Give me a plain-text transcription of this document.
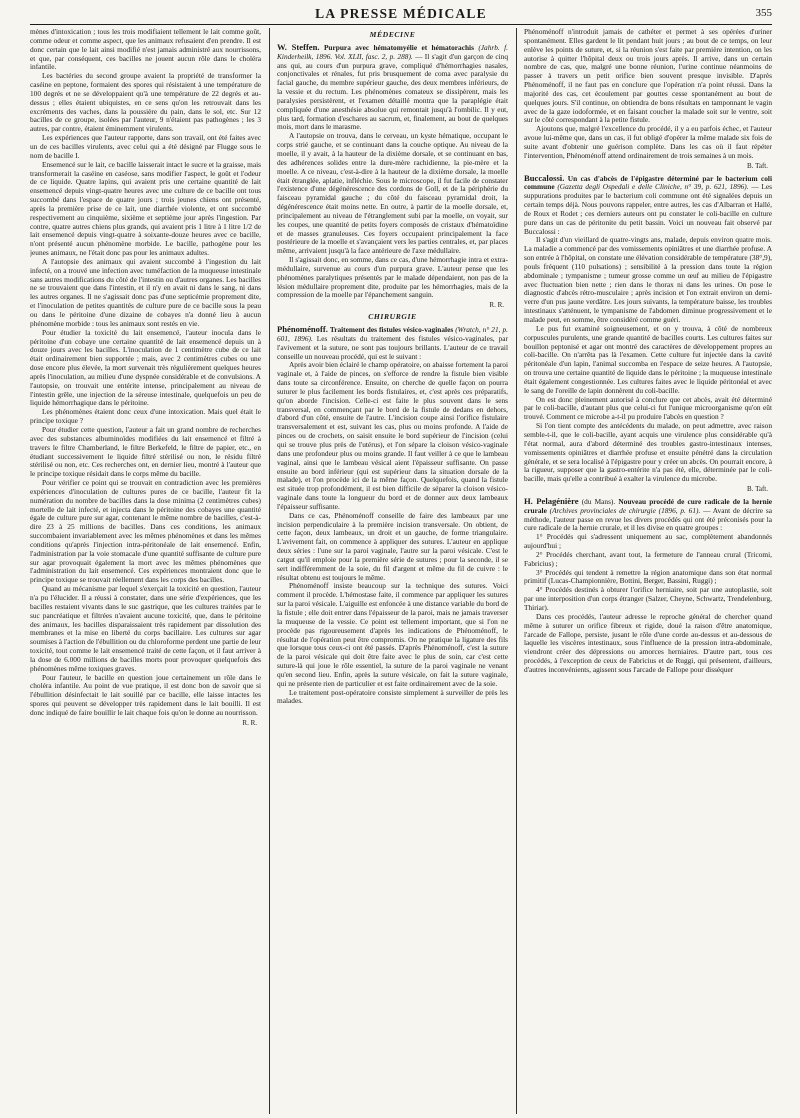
LA PRESSE MÉDICALE	355

mènes d'intoxication ; tous les trois modifiaient tellement le lait comme goût, comme odeur et comme aspect, que les animaux refusaient d'en prendre. Il est donc certain que le lait ainsi modifié n'est jamais administré aux nourrissons, et que, par conséquent, ces bacilles ne jouent aucun rôle dans le choléra infantile.

Les bactéries du second groupe avaient la propriété de transformer la caséine en peptone, formaient des spores qui résistaient à une température de 100 degrés et ne se développaient qu'à une température de 22 degrés et au-dessus ; elles étaient ubiquistes, en ce sens qu'on les retrouvait dans les excréments des vaches, dans la poussière du pain, dans le sol, etc. Sur 12 bacilles de ce groupe, isolées par l'auteur, 9 n'étaient pas pathogènes ; les 3 autres, par contre, étaient éminemment virulents.

Les expériences que l'auteur rapporte, dans son travail, ont été faites avec un de ces bacilles virulents, avec celui qui a été désigné par Flugge sous le nom de bacille I.

Ensemencé sur le lait, ce bacille laisserait intact le sucre et la graisse, mais transformerait la caséine en caséose, sans modifier l'aspect, le goût et l'odeur de ce liquide. Quatre lapins, qui avaient pris une certaine quantité de lait ensemencé depuis vingt-quatre heures avec une culture de ce bacille ont tous succombé dans l'espace de quatre jours ; trois jeunes chiens ont présenté, après la première prise de ce lait, une diarrhée violente, et ont succombé respectivement au cinquième, sixième et septième jour après l'ingestion. Par contre, quatre autres chiens plus grands, qui avaient pris 1 litre à 1 litre 1/2 de lait ensemencé depuis vingt-quatre à soixante-douze heures avec ce bacille, n'ont présenté aucun phénomène morbide. Le bacille, pathogène pour les jeunes animaux, ne l'était donc pas pour les animaux adultes.

A l'autopsie des animaux qui avaient succombé à l'ingestion du lait infecté, on a trouvé une infection avec tuméfaction de la muqueuse intestinale sans autres modifications du côté de l'intestin ou d'autres organes. Les bacilles ne se trouvaient que dans l'intestin, et il n'y en avait ni dans le sang, ni dans les autres organes. Il ne s'agissait donc pas d'une septicémie proprement dite, et l'inoculation de petites quantités de culture pure de ce bacille sous la peau ou dans le péritoine d'une dizaine de cobayes n'a donné lieu à aucun phénomène morbide : tous les animaux sont restés en vie.

Pour étudier la toxicité du lait ensemencé, l'auteur inocula dans le péritoine d'un cobaye une certaine quantité de lait ensemencé depuis un à douze jours avec les bacilles. L'inoculation de 1 centimètre cube de ce lait était ordinairement bien supportée ; mais, avec 2 centimètres cubes ou une dose encore plus élevée, la mort survenait très régulièrement quelques heures après l'inoculation, au milieu d'une dyspnée considérable et de convulsions. A l'autopsie, on trouvait une entérite intense, principalement au niveau de l'intestin grêle, une injection de la séreuse intestinale, quelquefois un peu de liquide hémorrhagique dans le péritoine.

Les phénomènes étaient donc ceux d'une intoxication. Mais quel était le principe toxique ?

Pour étudier cette question, l'auteur a fait un grand nombre de recherches avec des substances albuminoïdes modifiées du lait ensemencé et filtré à travers le filtre Chamberland, le filtre Berkefeld, le filtre de papier, etc., en étudiant successivement le liquide filtré stérilisé ou non, le résidu filtré stérilisé ou non, etc. Ces recherches ont, en dernier lieu, montré à l'auteur que le principe toxique résidait dans le corps même du bacille.

Pour vérifier ce point qui se trouvait en contradiction avec les premières expériences d'inoculation de cultures pures de ce bacille, l'auteur fit la numération du nombre de bacilles dans la dose minima (2 centimètres cubes) mortelle de lait infecté, et injecta dans le péritoine des cobayes une quantité égale de culture pure sur agar, contenant le même nombre de bacilles, c'est-à-dire 23 à 25 millions de bacilles. Dans ces conditions, les animaux succombaient invariablement avec les mêmes phénomènes et dans les mêmes conditions qu'après l'injection intra-péritonéale de lait ensemencé. Enfin, l'administration par la voie stomacale d'une quantité suffisante de culture pure sur agar provoquait également la mort avec les mêmes phénomènes que l'administration du lait ensemencé. Ces expériences montraient donc que le principe toxique se trouvait réellement dans les corps des bacilles.

Quand au mécanisme par lequel s'exerçait la toxicité en question, l'auteur n'a pu l'élucider. Il a réussi à constater, dans une série d'expériences, que les bacilles restaient vivants dans le suc gastrique, que les cultures traitées par le suc pancréatique et filtrées n'avaient aucune toxicité, que, dans le péritoine des animaux, les bacilles disparaissaient très rapidement par dissolution des membranes et la mise en liberté du corps bacillaire. Les cultures sur agar soumises à l'action de l'ébullition ou du chloroforme perdent une partie de leur toxicité, tout comme le lait ensemencé traité de cette façon, et il faut arriver à la dose de 6.000 millions de bacilles morts pour provoquer quelquefois des phénomènes même toxiques graves.

Pour l'auteur, le bacille en question joue certainement un rôle dans le choléra infantile. Au point de vue pratique, il est donc bon de savoir que si l'ébullition désinfectait le lait souillé par ce bacille, elle laisse intactes les spores qui peuvent se développer très rapidement dans le lait bouilli. Il est donc indiqué de faire bouillir le lait chaque fois qu'on le donne au nourrisson.

R. R.

MÉDECINE

W. Steffen. Purpura avec hématomyélie et hématorachis (Jahrb. f. Kinderheilk, 1896. Vol. XLII, fasc. 2, p. 288). — Il s'agit d'un garçon de cinq ans qui, au cours d'un purpura grave, compliqué d'hémorrhagies nasales, conjonctivales et rénales, fut pris brusquement de coma avec paralysie du facial gauche, du membre supérieur gauche, des deux membres inférieurs, de la vessie et du rectum. Les phénomènes comateux se dissipèrent, mais les paralysies persistèrent, et l'examen détaillé montra que la paraplégie était compliquée d'une anesthésie absolue qui remontait jusqu'à l'ombilic. Il y eut, plus tard, formation d'eschares au sacrum, et, finalement, au bout de quelques mois, mort dans le marasme.

A l'autopsie on trouva, dans le cerveau, un kyste hématique, occupant le corps strié gauche, et se continuant dans la couche optique. Au niveau de la moelle, il y avait, à la hauteur de la dixième dorsale, et se continuant en bas, des adhérences solides entre la dure-mère rachidienne, la pie-mère et la moelle. A ce niveau, c'est-à-dire à la hauteur de la dixième dorsale, la moelle était étranglée, aplatie, infléchie. Sous le microscope, il fut facile de constater l'existence d'une dégénérescence des cordons de Goll, et de la périphérie du faisceau pyramidal gauche ; du côté du faisceau pyramidal droit, la dégénérescence était moins nette. En outre, à partir de la moelle dorsale, et, principalement au niveau de l'étranglement subi par la moelle, on voyait, sur les coupes, une quantité de petits foyers composés de cristaux d'hématoïdine et de masses granuleuses. Ces foyers occupaient principalement la face postérieure de la moelle et s'avançaient vers les parties centrales, et, par places même, arrivaient jusqu'à la face antérieure de l'axe médullaire.

Il s'agissait donc, en somme, dans ce cas, d'une hémorrhagie intra et extra-médullaire, survenue au cours d'un purpura grave. L'auteur pense que les phénomènes paralytiques présentés par le malade dépendaient, non pas de la lésion médullaire proprement dite, produite par les hémorrhagies, mais de la compression de la moelle par l'épanchement sanguin.

R. R.

CHIRURGIE

Phénoménoff. Traitement des fistules vésico-vaginales (Wratch, n° 21, p. 601, 1896). Les résultats du traitement des fistules vésico-vaginales, par l'avivement et la suture, ne sont pas toujours brillants. L'auteur de ce travail conseille un nouveau procédé, qui est le suivant :

Après avoir bien éclairé le champ opératoire, on abaisse fortement la paroi vaginale et, à l'aide de pinces, on s'efforce de rendre la fistule bien visible dans toute sa circonférence. Ensuite, on cherche de quelle façon on pourra suturer le plus facilement les bords fistulaires, et, c'est après ces préparatifs, qu'on aborde l'incision. Celle-ci est faite le plus souvent dans le sens transversal, en commençant par le bord de la fistule de dedans en dehors, d'abord d'un côté, ensuite de l'autre. L'incision coupe ainsi l'orifice fistulaire transversalement et est, suivant les cas, plus ou moins profonde. A l'aide de pinces ou de crochets, on saisit ensuite le bord supérieur de l'incision (celui qui se trouve plus près de l'utérus), et l'on sépare la cloison vésico-vaginale dans une profondeur plus ou moins grande. Il faut veiller à ce que le lambeau vaginal, ainsi que le lambeau vésical aient l'épaisseur suffisante. On passe ensuite au bord inférieur (qui est supérieur dans la situation dorsale de la malade), et l'on procède ici de la même façon. Quelquefois, quand la fistule est située trop profondément, il est bien difficile de séparer la cloison vésico-vaginale dans toute la longueur du bord et de donner aux deux lambeaux l'épaisseur suffisante.

Dans ce cas, Phénoménoff conseille de faire des lambeaux par une incision perpendiculaire à la première incision transversale. On obtient, de cette façon, deux lambeaux, un droit et un gauche, de forme triangulaire. L'avivement fait, on commence à appliquer des sutures. L'auteur en applique deux séries : l'une sur la paroi vaginale, l'autre sur la paroi vésicale. C'est le catgut qu'il emploie pour la première série de sutures ; pour la seconde, il se sert indifféremment de la soie, du fil d'argent et même du fil de cuivre : le résultat obtenu est toujours le même.

Phénoménoff insiste beaucoup sur la technique des sutures. Voici comment il procède. L'hémostase faite, il commence par appliquer les sutures sur la paroi vésicale. L'aiguille est enfoncée à une distance variable du bord de la fistule ; elle doit entrer dans l'épaisseur de la paroi, mais ne jamais traverser la muqueuse de la vessie. Ce point est tellement important, que si l'on ne procède pas rigoureusement d'après les indications de Phénoménoff, le résultat de l'opération peut être compromis. On ne pratique la ligature des fils que lorsque tous ceux-ci ont été passés. D'après Phénoménoff, c'est la suture de la paroi vésicale qui doit être faite avec le plus de soin, car c'est cette suture-là qui joue le rôle essentiel, la suture de la paroi vaginale ne venant qu'en second lieu. Enfin, après la suture vésicale, on fait la suture vaginale, qui ne présente rien de particulier et est faite ordinairement avec de la soie.

Le traitement post-opératoire consiste simplement à surveiller de près les malades.

Phénoménoff n'introduit jamais de cathéter et permet à ses opérées d'uriner spontanément. Elles gardent le lit pendant huit jours ; au bout de ce temps, on leur enlève les points de suture, et, si la réunion s'est faite par première intention, on les autorise à quitter l'hôpital deux ou trois jours après. Il arrive, dans un certain nombre de cas, que, malgré une bonne réunion, l'urine continue néanmoins de passer à travers un petit orifice bien souvent presque invisible. D'après Phénoménoff, il ne faut pas en conclure que l'opération n'a point réussi. Dans la majorité des cas, cet écoulement par gouttes cesse spontanément au bout de quelques jours. S'il continue, on obtiendra de bons résultats en tamponnant le vagin avec de la gaze iodoformée, et en faisant coucher la malade soit sur le ventre, soit sur le côté correspondant à la petite fistule.

Ajoutons que, malgré l'excellence du procédé, il y a eu parfois échec, et l'auteur avoue lui-même que, dans un cas, il fut obligé d'opérer la même malade six fois de suite avant d'obtenir une guérison complète. Dans les cas où il faut répéter l'intervention, Phénoménoff attend ordinairement de trois semaines à un mois.

B. Taft.

Buccalossi. Un cas d'abcès de l'épigastre déterminé par le bacterium coli commune (Gazetta degli Ospedali e delle Cliniche, n° 39, p. 621, 1896). — Les suppurations produites par le bacterium coli commune ont été signalées depuis un certain temps déjà. Nous pouvons rappeler, entre autres, les cas d'Albarran et Hallé, de Roux et Rodet ; ces derniers auteurs ont pu constater le coli-bacille en culture pure dans un cas de péritonite du petit bassin. Voici un nouveau fait observé par Buccalossi :

Il s'agit d'un vieillard de quatre-vingts ans, malade, depuis environ quatre mois. La maladie a commencé par des vomissements opiniâtres et une diarrhée profuse. A son entrée à l'hôpital, on constate une élévation considérable de température (38°,9), pouls fréquent (110 pulsations) ; sensibilité à la pression dans toute la région abdominale ; tympanisme ; tumeur grosse comme un œuf au milieu de l'épigastre avec fluctuation bien nette ; rien dans le thorax ni dans les urines. On pose le diagnostic d'abcès rétro-musculaire ; après incision et l'on extrait environ un demi-verre d'un pus jaune verdâtre. Les jours suivants, la température baisse, les troubles intestinaux s'atténuent, le tympanisme de l'abdomen diminue progressivement et le malade peut, en somme, être considéré comme guéri.

Le pus fut examiné soigneusement, et on y trouva, à côté de nombreux corpuscules purulents, une grande quantité de bacilles courts. Les cultures faites sur bouillon peptonisé et agar ont montré des caractères de développement propres au coli-bacille. On n'arrêta pas là l'examen. Cette culture fut injectée dans la cavité péritonéale d'un lapin, l'animal succomba en l'espace de seize heures. A l'autopsie, on trouva une certaine quantité de liquide dans le péritoine ; la muqueuse intestinale était également congestionnée. Les cultures faites avec le liquide péritonéal et avec le sang de l'oreille de lapin donnèrent du coli-bacille.

On est donc pleinement autorisé à conclure que cet abcès, avait été déterminé par le coli-bacille, d'autant plus que celui-ci fut l'unique microorganisme qu'on eût trouvé. Comment ce microbe a-t-il pu produire l'abcès en question ?

Si l'on tient compte des antécédents du malade, on peut admettre, avec raison semble-t-il, que le coli-bacille, ayant acquis une virulence plus considérable qu'à l'état normal, aura d'abord déterminé des troubles gastro-intestinaux intenses, vomissements opiniâtres et diarrhée profuse et ensuite pénétré dans la circulation générale, et se sera localisé à l'épigastre pour y créer un abcès. On pourrait encore, à la rigueur, supposer que la gastro-entérite n'a pas été, elle, déterminée par le coli-bacille, mais qu'elle a contribué à exalter la virulence du microbe.

B. Taft.

H. Pelagénière (du Mans). Nouveau procédé de cure radicale de la hernie crurale (Archives provinciales de chirurgie (1896, p. 61). — Avant de décrire sa méthode, l'auteur passe en revue les divers procédés qui ont été préconisés pour la cure radicale de la hernie crurale, et il les divise en quatre groupes :

1° Procédés qui s'adressent uniquement au sac, complètement abandonnés aujourd'hui ;

2° Procédés cherchant, avant tout, la fermeture de l'anneau crural (Tricomi, Fabricius) ;

3° Procédés qui tendent à remettre la région anatomique dans son état normal primitif (Lucas-Championnière, Bottini, Berger, Bassini, Ruggi) ;

4° Procédés destinés à obturer l'orifice herniaire, soit par une autoplastie, soit par une interposition d'un corps étranger (Salzer, Cheyne, Schwartz, Trendelenburg, Thiriar).

Dans ces procédés, l'auteur adresse le reproche général de chercher quand même à suturer un orifice fibreux et rigide, doué la raison d'être anatomique, l'arcade de Fallope, persiste, jusant le rôle d'une corde au-dessus et au-dessous de laquelle les viscères intestinaux, sous l'influence de la pression intra-abdominale, viendront créer des dépressions ou amorces herniaires. D'autre part, tous ces procédés, à l'exception de ceux de Fabricius et de Ruggi, qui présentent, d'ailleurs, d'autres inconvénients, agissent sous l'arcade de Fallope pour disséquer
